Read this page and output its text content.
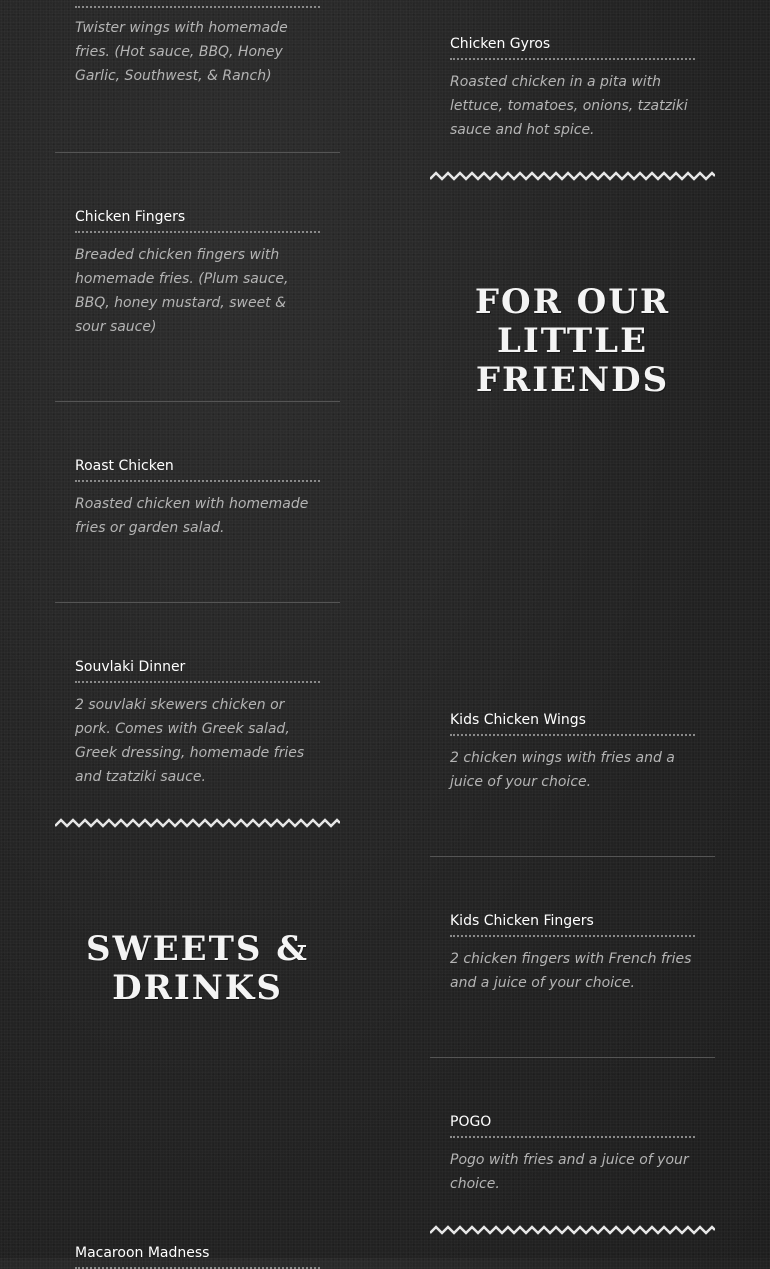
Twister wings with homemade fries. (Hot sauce, BBQ, Honey Garlic, Southwest, & Ranch)
Chicken Fingers
Breaded chicken fingers with homemade fries. (Plum sauce, BBQ, honey mustard, sweet & sour sauce)
Roast Chicken
Roasted chicken with homemade fries or garden salad.
Souvlaki Dinner
2 souvlaki skewers chicken or pork. Comes with Greek salad, Greek dressing, homemade fries and tzatziki sauce.
SWEETS & DRINKS
Macaroon Madness
Chicken Gyros
Roasted chicken in a pita with lettuce, tomatoes, onions, tzatziki sauce and hot spice.
FOR OUR LITTLE FRIENDS
Kids Chicken Wings
2 chicken wings with fries and a juice of your choice.
Kids Chicken Fingers
2 chicken fingers with French fries and a juice of your choice.
POGO
Pogo with fries and a juice of your choice.
